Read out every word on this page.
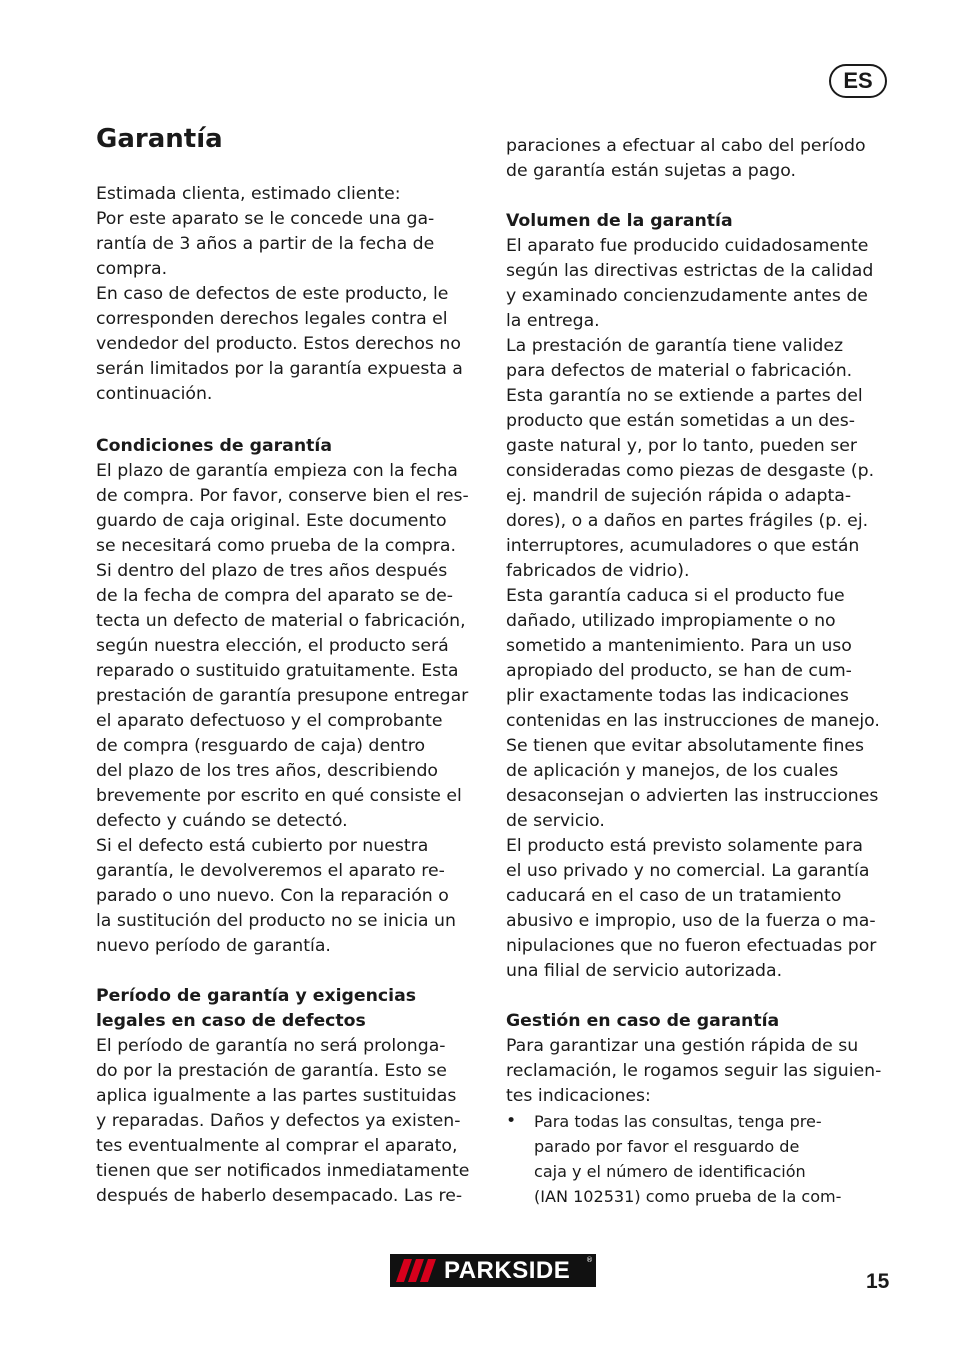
ES
Garantía
Estimada clienta, estimado cliente:
Por este aparato se le concede una ga-
rantía de 3 años a partir de la fecha de
compra.
En caso de defectos de este producto, le
corresponden derechos legales contra el
vendedor del producto. Estos derechos no
serán limitados por la garantía expuesta a
continuación.
Condiciones de garantía
El plazo de garantía empieza con la fecha
de compra. Por favor, conserve bien el res-
guardo de caja original. Este documento
se necesitará como prueba de la compra.
Si dentro del plazo de tres años después
de la fecha de compra del aparato se de-
tecta un defecto de material o fabricación,
según nuestra elección, el producto será
reparado o sustituido gratuitamente. Esta
prestación de garantía presupone entregar
el aparato defectuoso y el comprobante
de compra (resguardo de caja) dentro
del plazo de los tres años, describiendo
brevemente por escrito en qué consiste el
defecto y cuándo se detectó.
Si el defecto está cubierto por nuestra
garantía, le devolveremos el aparato re-
parado o uno nuevo. Con la reparación o
la sustitución del producto no se inicia un
nuevo período de garantía.
Período de garantía y exigencias
legales en caso de defectos
El período de garantía no será prolonga-
do por la prestación de garantía. Esto se
aplica igualmente a las partes sustituidas
y reparadas. Daños y defectos ya existen-
tes eventualmente al comprar el aparato,
tienen que ser notificados inmediatamente
después de haberlo desempacado. Las re-
paraciones a efectuar al cabo del período
de garantía están sujetas a pago.
Volumen de la garantía
El aparato fue producido cuidadosamente
según las directivas estrictas de la calidad
y examinado concienzudamente antes de
la entrega.
La prestación de garantía tiene validez
para defectos de material o fabricación.
Esta garantía no se extiende a partes del
producto que están sometidas a un des-
gaste natural y, por lo tanto, pueden ser
consideradas como piezas de desgaste (p.
ej. mandril de sujeción rápida o adapta-
dores), o a daños en partes frágiles (p. ej.
interruptores, acumuladores o que están
fabricados de vidrio).
Esta garantía caduca si el producto fue
dañado, utilizado impropiamente o no
sometido a mantenimiento. Para un uso
apropiado del producto, se han de cum-
plir exactamente todas las indicaciones
contenidas en las instrucciones de manejo.
Se tienen que evitar absolutamente fines
de aplicación y manejos, de los cuales
desaconsejan o advierten las instrucciones
de servicio.
El producto está previsto solamente para
el uso privado y no comercial. La garantía
caducará en el caso de un tratamiento
abusivo e impropio, uso de la fuerza o ma-
nipulaciones que no fueron efectuadas por
una filial de servicio autorizada.
Gestión en caso de garantía
Para garantizar una gestión rápida de su
reclamación, le rogamos seguir las siguien-
tes indicaciones:
•	Para todas las consultas, tenga pre-
parado por favor el resguardo de
caja y el número de identificación
(IAN 102531) como prueba de la com-
PARKSIDE ®
15
